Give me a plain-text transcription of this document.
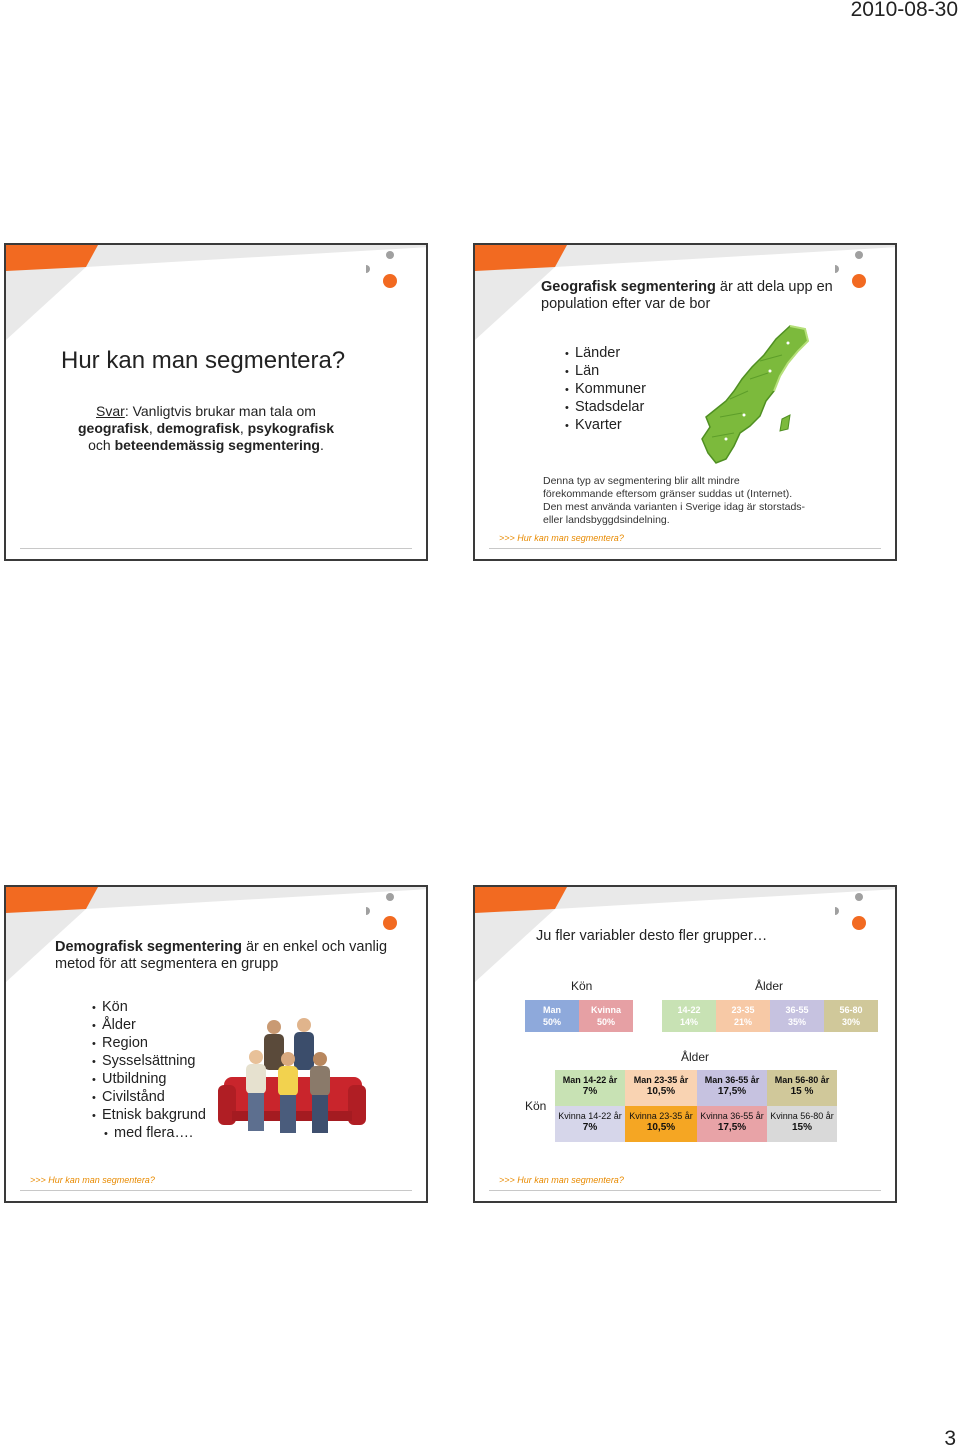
2010-08-30
Hur kan man segmentera?
Svar: Vanligtvis brukar man tala om
geografisk, demografisk, psykografisk
och beteendemässig segmentering.
Geografisk segmentering är att dela upp en
population efter var de bor
• Länder
• Län
• Kommuner
• Stadsdelar
• Kvarter
Denna typ av segmentering blir allt mindre
förekommande eftersom gränser suddas ut (Internet).
Den mest använda varianten i Sverige idag är storstads-
eller landsbyggdsindelning.
>>> Hur kan man segmentera?
Demografisk segmentering är en enkel och vanlig
metod för att segmentera en grupp
• Kön
• Ålder
• Region
• Sysselsättning
• Utbildning
• Civilstånd
• Etnisk bakgrund
• med flera….
>>> Hur kan man segmentera?
Ju fler variabler desto fler grupper…
Kön	Ålder
Man
50%
Kvinna
50%
14-22
14%
23-35
21%
36-55
35%
56-80
30%
Ålder
Kön
Man 14-22 år
7%
Man 23-35 år
10,5%
Man 36-55 år
17,5%
Man 56-80 år
15 %
Kvinna 14-22 år
7%
Kvinna 23-35 år
10,5%
Kvinna 36-55 år
17,5%
Kvinna 56-80 år
15%
>>> Hur kan man segmentera?
3
